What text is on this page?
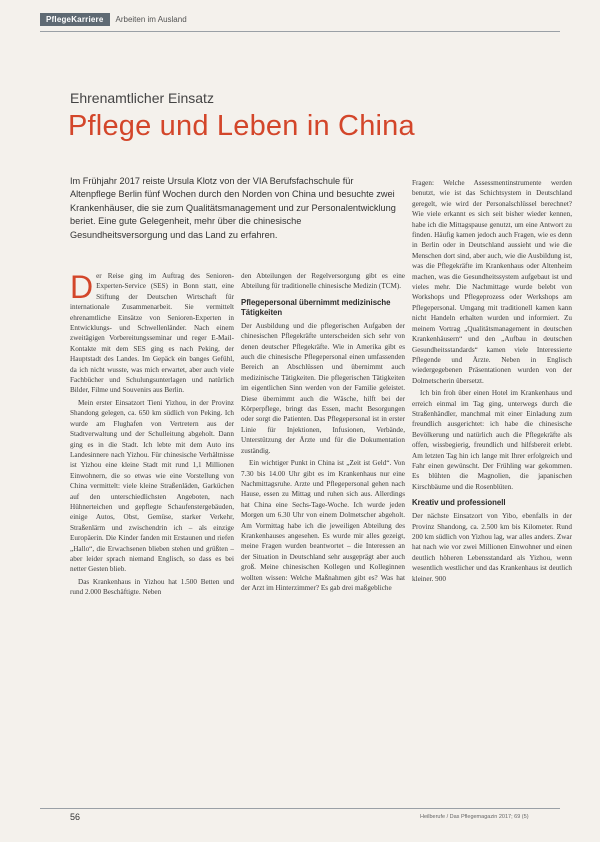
PflegeKarriere	Arbeiten im Ausland
Ehrenamtlicher Einsatz
Pflege und Leben in China
Im Frühjahr 2017 reiste Ursula Klotz von der VIA Berufsfachschule für Altenpflege Berlin fünf Wochen durch den Norden von China und besuchte zwei Krankenhäuser, die sie zum Qualitätsmanagement und zur Personalentwicklung beriet. Eine gute Gelegenheit, mehr über die chinesische Gesundheitsversorgung und das Land zu erfahren.

Der Reise ging im Auftrag des Senioren-Experten-Service (SES) in Bonn statt, eine Stiftung der Deutschen Wirtschaft für internationale Zusammenarbeit. Sie vermittelt ehrenamtliche Einsätze von Senioren-Experten in Entwicklungs- und Schwellenländer. Nach einem zweitägigen Vorbereitungsseminar und reger E-Mail-Kontakte mit dem SES ging es nach Peking, der Hauptstadt des Landes. Im Gepäck ein banges Gefühl, da ich nicht wusste, was mich erwartet, aber auch viele Fachbücher und Schulungsunterlagen und natürlich Bilder, Filme und Souvenirs aus Berlin.

Mein erster Einsatzort Tieni Yizhou, in der Provinz Shandong gelegen, ca. 650 km südlich von Peking. Ich wurde am Flughafen von Vertretern aus der Stadtverwaltung und der Schulleitung abgeholt. Dann ging es in die Stadt. Ich lebte mit dem Auto ins Landesinnere nach Yizhou. Für chinesische Verhältnisse ist Yizhou eine kleine Stadt mit rund 1,1 Millionen Einwohnern, die so etwas wie eine Vorstellung von China vermittelt: viele kleine Straßenläden, Garküchen auf den unterschiedlichsten Angeboten, nach Hühnerteichen und gepflegte Schaufenstergebäuden, einige Autos, Obst, Gemüse, starker Verkehr, Straßenlärm und zwischendrin ich – als einzige Europäerin. Die Kinder fanden mit Erstaunen und riefen „Hallo“, die Erwachsenen blieben stehen und grüßten – aber leider sprach niemand Englisch, so dass es bei netter Gesten blieb.

Das Krankenhaus in Yizhou hat 1.500 Betten und rund 2.000 Beschäftigte. Neben

den Abteilungen der Regelversorgung gibt es eine Abteilung für traditionelle chinesische Medizin (TCM).

Pflegepersonal übernimmt medizinische Tätigkeiten

Der Ausbildung und die pflegerischen Aufgaben der chinesischen Pflegekräfte unterscheiden sich sehr von denen deutscher Pflegekräfte. Wie in Amerika gibt es auch die chinesische Pflegepersonal einen umfassenden Bereich an Abschlüssen und übernimmt auch medizinische Tätigkeiten. Die pflegerischen Tätigkeiten im eigentlichen Sinn werden von der Familie geleistet. Diese übernimmt auch die Wäsche, hilft bei der Körperpflege, bringt das Essen, macht Besorgungen oder sorgt die Patienten. Das Pflegepersonal ist in erster Linie für Injektionen, Infusionen, Verbände, Unterstützung der Ärzte und für die Dokumentation zuständig.

Ein wichtiger Punkt in China ist „Zeit ist Geld“. Von 7.30 bis 14.00 Uhr gibt es im Krankenhaus nur eine Nachmittagsruhe. Arzte und Pflegepersonal gehen nach Hause, essen zu Mittag und ruhen sich aus. Allerdings hat China eine Sechs-Tage-Woche. Ich wurde jeden Morgen um 6.30 Uhr von einem Dolmetscher abgeholt. Am Vormittag habe ich die jeweiligen Abteilung des Krankenhauses angesehen. Es wurde mir alles gezeigt, meine Fragen wurden beantwortet – die Interessen an der Situation in Deutschland sehr ausgeprägt aber auch groß. Meine chinesischen Kollegen und Kolleginnen wollten wissen: Welche Maßnahmen gibt es? Was hat der Arzt im Hinterzimmer? Es gab drei maßgebliche

Fragen: Welche Assessmentinstrumente werden benutzt, wie ist das Schichtsystem in Deutschland geregelt, wie wird der Personalschlüssel berechnet? Wie viele erkannt es sich seit bisher wieder kennen, habe ich die Mittagspause genutzt, um eine Antwort zu finden. Häufig kamen jedoch auch Fragen, wie es denn in Berlin oder in Deutschland aussieht und wie die Menschen dort sind, aber auch, wie die Ausbildung ist, was die Pflegekräfte im Krankenhaus oder Altenheim machen, was die Gesundheitssystem aufgebaut ist und vieles mehr. Die Nachmittage wurde belebt von Workshops und Pflegeprozess oder Werkshops am Pflegepersonal. Umgang mit traditionell kamen kann nicht Handeln erhalten wurden und informiert. Zu meinem Vortrag „Qualitätsmanagement in deutschen Krankenhäusern“ und den „Aufbau in deutschen Gesundheitsstandards“ kamen viele Interessierte Pflegende und Ärzte. Neben in Englisch wiedergegebenen Präsentationen wurden von der Dolmetscherin übersetzt.

Ich bin froh über einen Hotel im Krankenhaus und erreich einmal im Tag ging, unterwegs durch die Straßenhändler, manchmal mit einer Einladung zum freundlich ausgerichtet: ich habe die chinesische Bevölkerung und natürlich auch die Pflegekräfte als offen, wissbegierig, freundlich und hilfsbereit erlebt. Am letzten Tag hin ich lange mit Ihrer erfolgreich und Fahr einen gewünscht. Der Frühling war gekommen. Es blühten die Magnolien, die japanischen Kirschbäume und die Rosenblüten.

Kreativ und professionell

Der nächste Einsatzort von Yibo, ebenfalls in der Provinz Shandong, ca. 2.500 km bis Kilometer. Rund 200 km südlich von Yizhou lag, war alles anders. Zwar hat nach wie vor zwei Millionen Einwohner und einen deutlich höheren Lebensstandard als Yizhou, wenn wesentlich westlicher und das Krankenhaus ist deutlich kleiner. 900

56	Heilberufe / Das Pflegemagazin 2017; 69 (5)
